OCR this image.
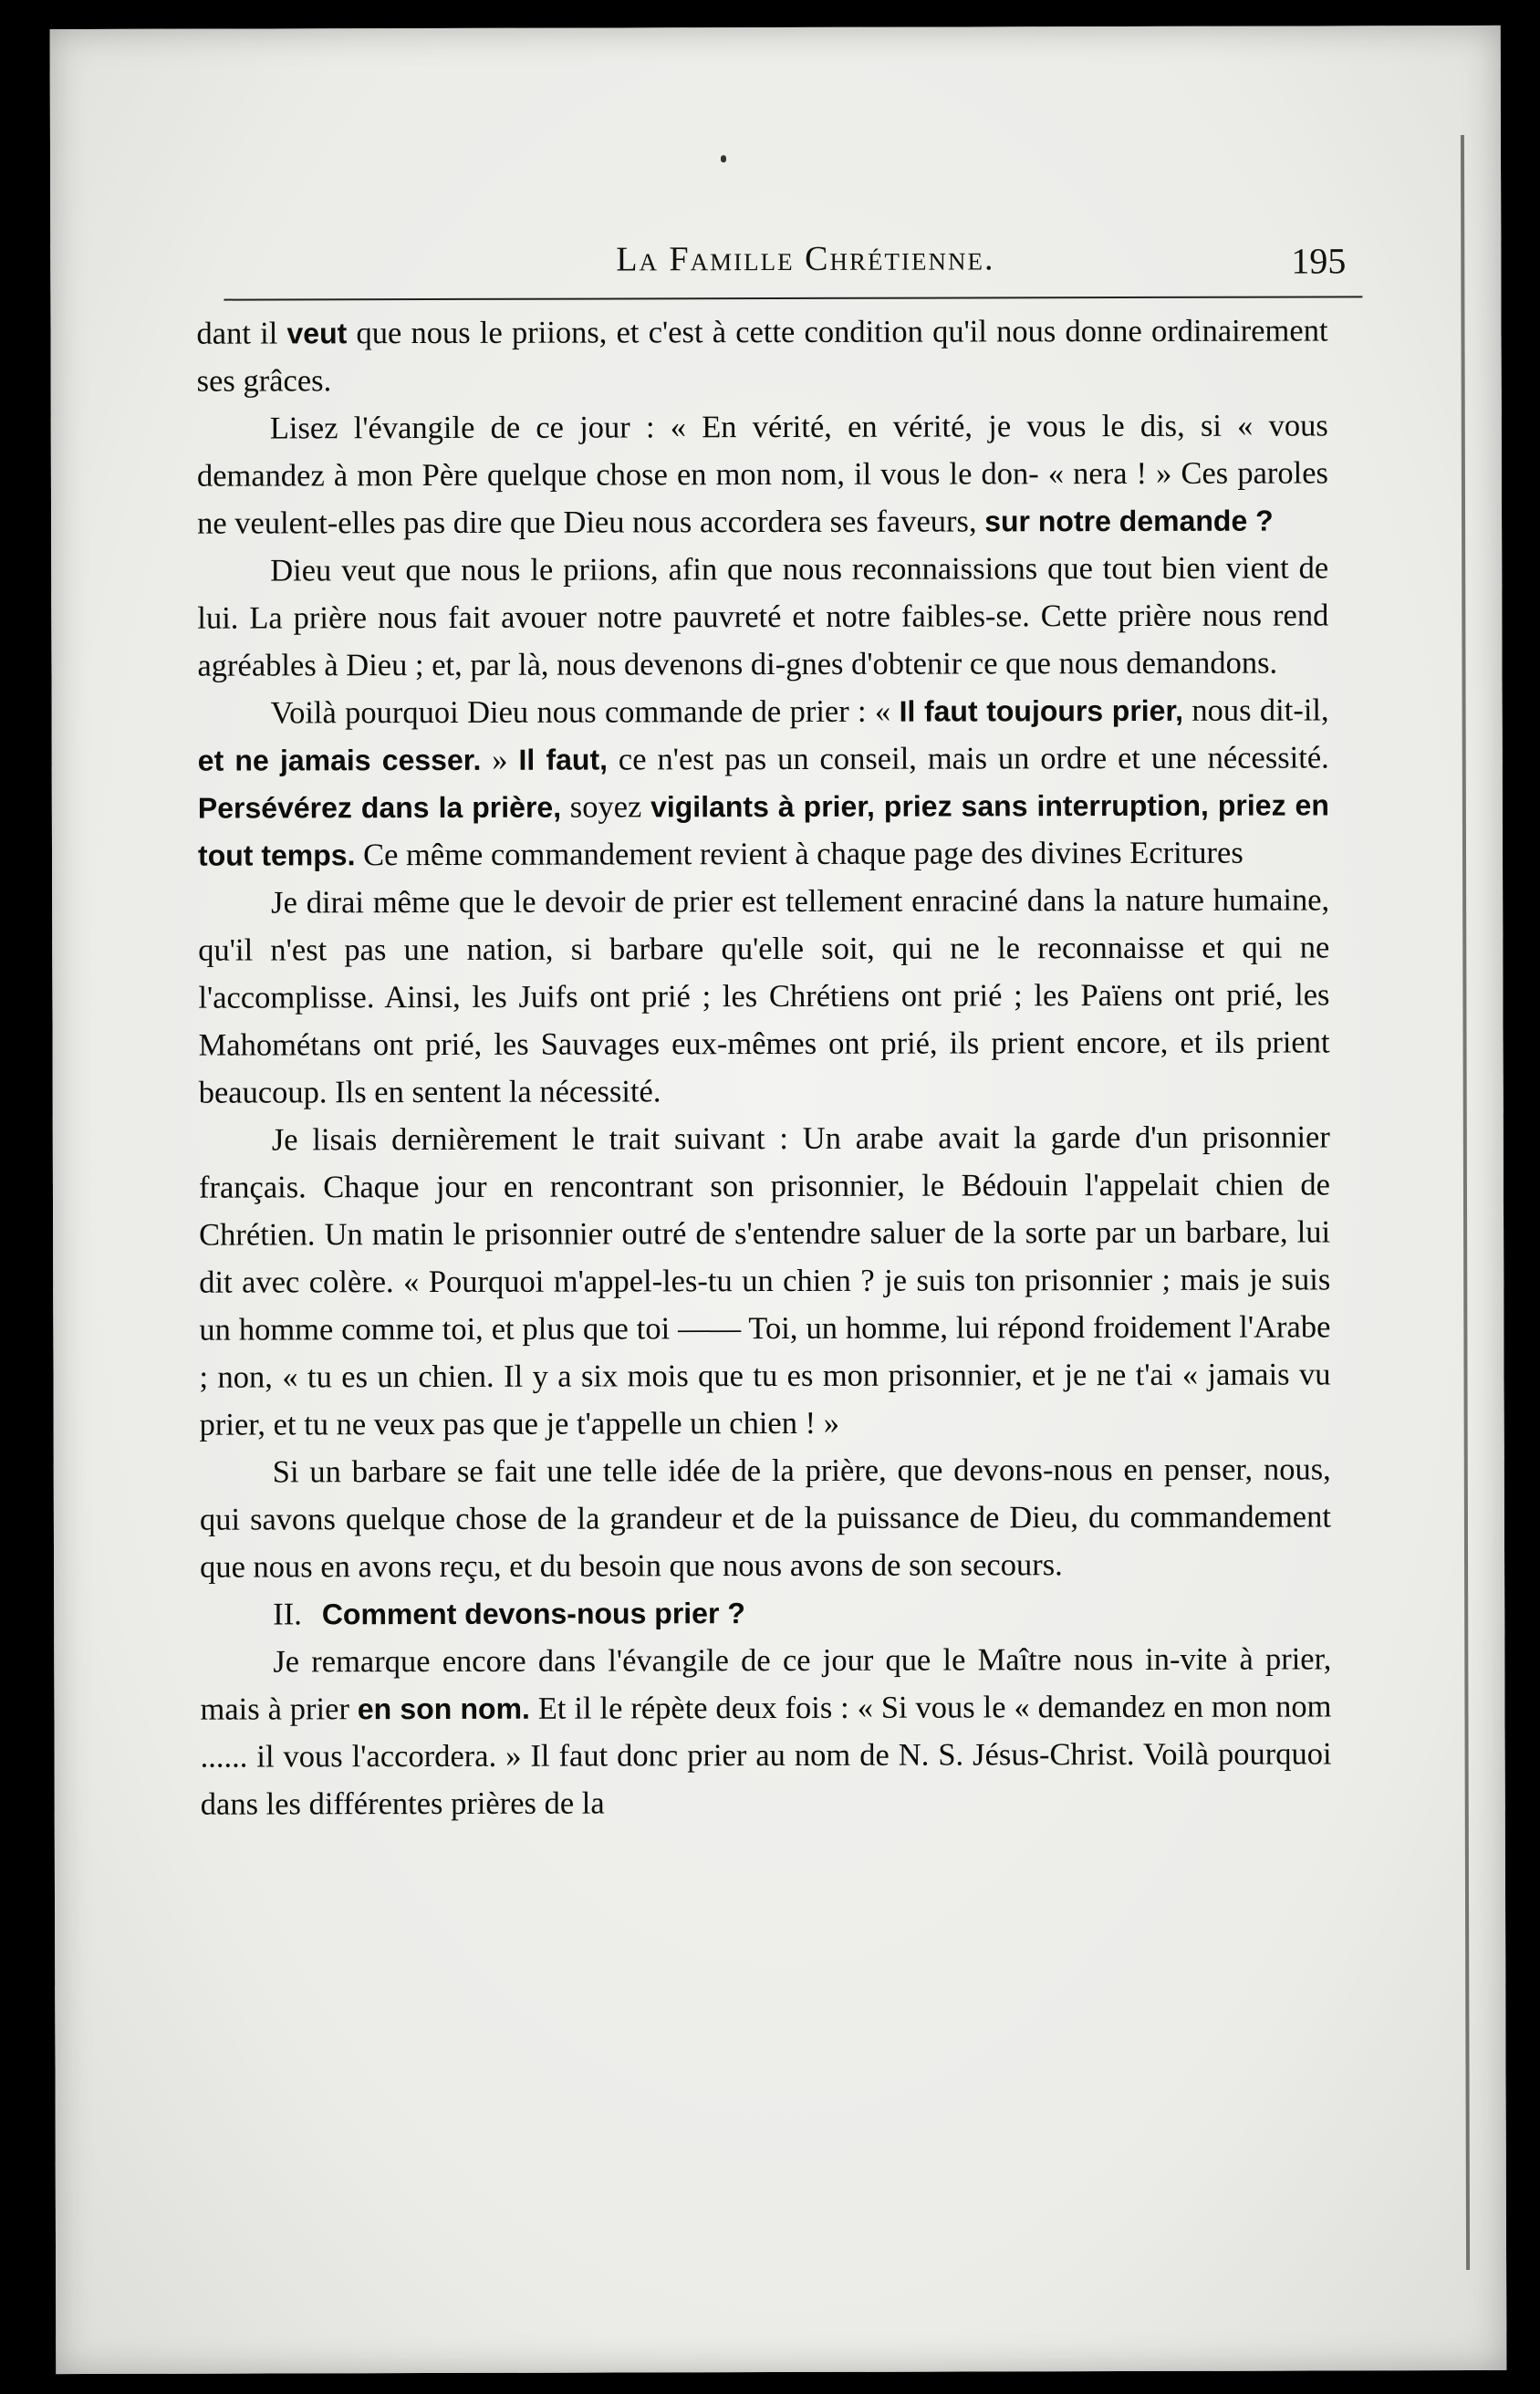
La Famille Chrétienne.	195

dant il veut que nous le priions, et c'est à cette condition qu'il nous donne ordinairement ses grâces.

Lisez l'évangile de ce jour : « En vérité, en vérité, je vous le dis, si « vous demandez à mon Père quelque chose en mon nom, il vous le don- « nera ! » Ces paroles ne veulent-elles pas dire que Dieu nous accordera ses faveurs, sur notre demande ?

Dieu veut que nous le priions, afin que nous reconnaissions que tout bien vient de lui. La prière nous fait avouer notre pauvreté et notre faibles-se. Cette prière nous rend agréables à Dieu ; et, par là, nous devenons di-gnes d'obtenir ce que nous demandons.

Voilà pourquoi Dieu nous commande de prier : « Il faut toujours prier, nous dit-il, et ne jamais cesser. » Il faut, ce n'est pas un conseil, mais un ordre et une nécessité. Persévérez dans la prière, soyez vigilants à prier, priez sans interruption, priez en tout temps. Ce même commandement revient à chaque page des divines Ecritures

Je dirai même que le devoir de prier est tellement enraciné dans la nature humaine, qu'il n'est pas une nation, si barbare qu'elle soit, qui ne le reconnaisse et qui ne l'accomplisse. Ainsi, les Juifs ont prié ; les Chrétiens ont prié ; les Païens ont prié, les Mahométans ont prié, les Sauvages eux-mêmes ont prié, ils prient encore, et ils prient beaucoup. Ils en sentent la nécessité.

Je lisais dernièrement le trait suivant : Un arabe avait la garde d'un prisonnier français. Chaque jour en rencontrant son prisonnier, le Bédouin l'appelait chien de Chrétien. Un matin le prisonnier outré de s'entendre saluer de la sorte par un barbare, lui dit avec colère. « Pourquoi m'appel-les-tu un chien ? je suis ton prisonnier ; mais je suis un homme comme toi, et plus que toi —— Toi, un homme, lui répond froidement l'Arabe ; non, « tu es un chien. Il y a six mois que tu es mon prisonnier, et je ne t'ai « jamais vu prier, et tu ne veux pas que je t'appelle un chien ! »

Si un barbare se fait une telle idée de la prière, que devons-nous en penser, nous, qui savons quelque chose de la grandeur et de la puissance de Dieu, du commandement que nous en avons reçu, et du besoin que nous avons de son secours.

II. Comment devons-nous prier ?

Je remarque encore dans l'évangile de ce jour que le Maître nous in-vite à prier, mais à prier en son nom. Et il le répète deux fois : « Si vous le « demandez en mon nom ...... il vous l'accordera. » Il faut donc prier au nom de N. S. Jésus-Christ. Voilà pourquoi dans les différentes prières de la
